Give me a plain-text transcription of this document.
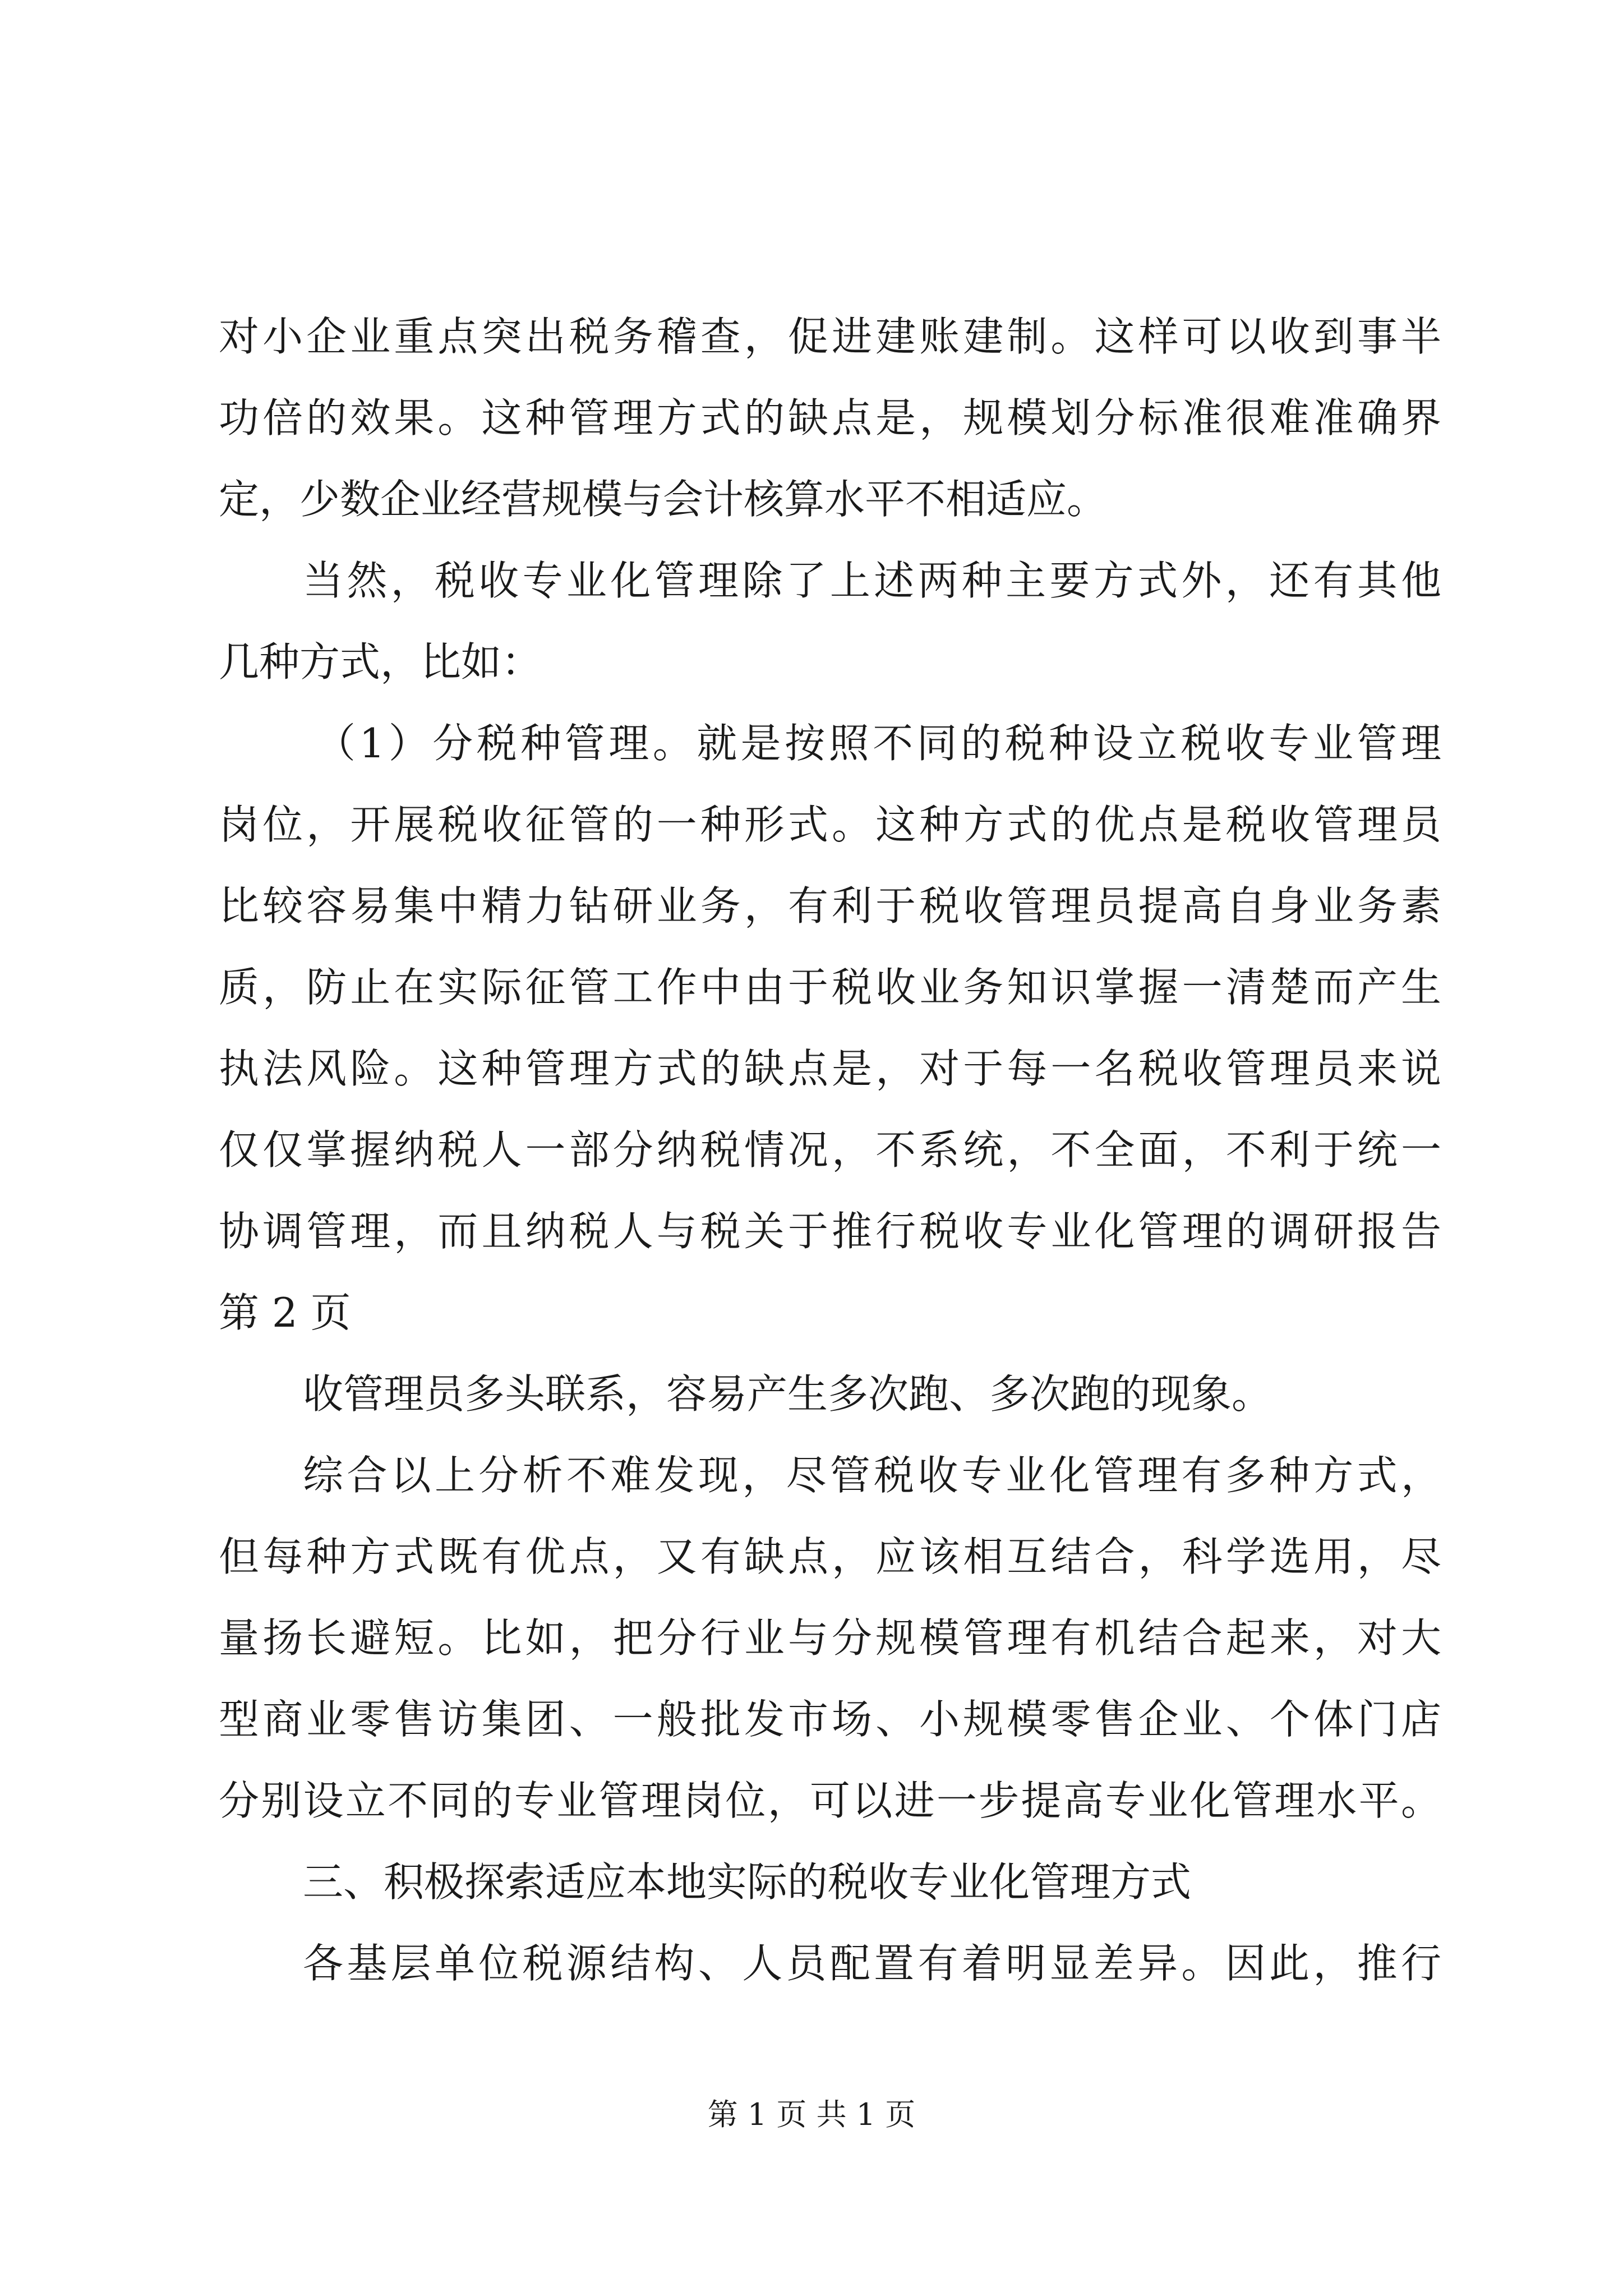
对小企业重点突出税务稽查，促进建账建制。这样可以收到事半
功倍的效果。这种管理方式的缺点是，规模划分标准很难准确界
定，少数企业经营规模与会计核算水平不相适应。
当然，税收专业化管理除了上述两种主要方式外，还有其他
几种方式，比如：
（1）分税种管理。就是按照不同的税种设立税收专业管理
岗位，开展税收征管的一种形式。这种方式的优点是税收管理员
比较容易集中精力钻研业务，有利于税收管理员提高自身业务素
质，防止在实际征管工作中由于税收业务知识掌握一清楚而产生
执法风险。这种管理方式的缺点是，对于每一名税收管理员来说
仅仅掌握纳税人一部分纳税情况，不系统，不全面，不利于统一
协调管理，而且纳税人与税关于推行税收专业化管理的调研报告
第 2 页
收管理员多头联系，容易产生多次跑、多次跑的现象。
综合以上分析不难发现，尽管税收专业化管理有多种方式，
但每种方式既有优点，又有缺点，应该相互结合，科学选用，尽
量扬长避短。比如，把分行业与分规模管理有机结合起来，对大
型商业零售访集团、一般批发市场、小规模零售企业、个体门店
分别设立不同的专业管理岗位，可以进一步提高专业化管理水平。
三、积极探索适应本地实际的税收专业化管理方式
各基层单位税源结构、人员配置有着明显差异。因此，推行
第 1 页 共 1 页
